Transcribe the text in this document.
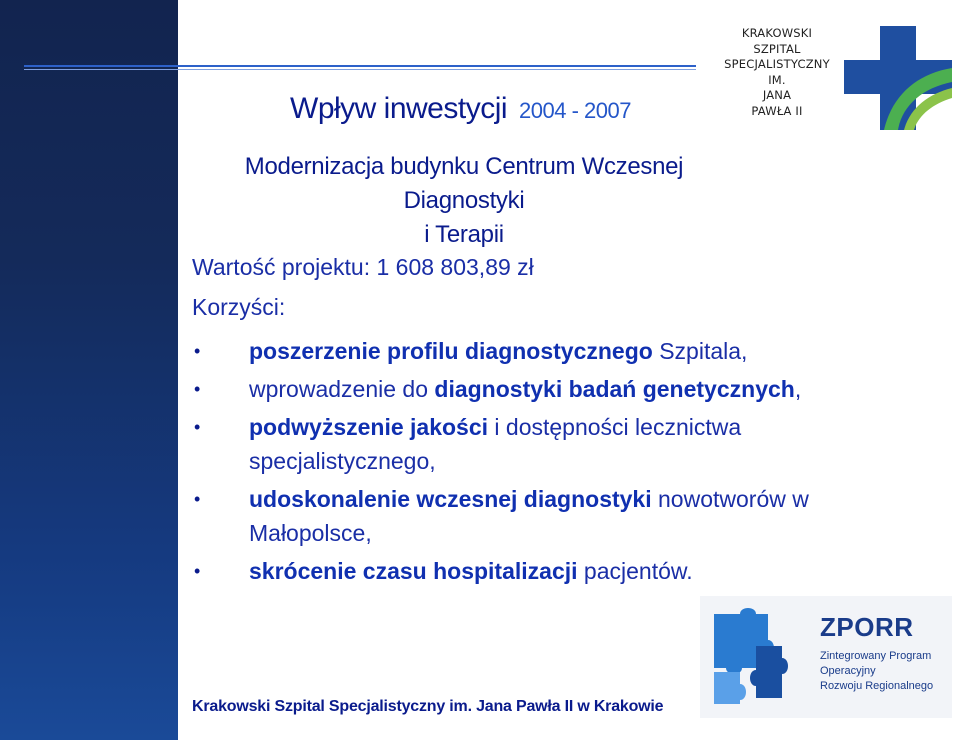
Wpływ inwestycji 2004 - 2007
Modernizacja budynku Centrum Wczesnej Diagnostyki
i Terapii
Wartość projektu: 1 608 803,89 zł
Korzyści:
• poszerzenie profilu diagnostycznego Szpitala,
• wprowadzenie do diagnostyki badań genetycznych,
• podwyższenie jakości i dostępności lecznictwa
specjalistycznego,
• udoskonalenie wczesnej diagnostyki nowotworów w
Małopolsce,
• skrócenie czasu hospitalizacji pacjentów.
KRAKOWSKI
SZPITAL
SPECJALISTYCZNY
IM.
JANA
PAWŁA II
ZPORR
Zintegrowany Program
Operacyjny
Rozwoju Regionalnego
Krakowski Szpital Specjalistyczny im. Jana Pawła II w Krakowie
